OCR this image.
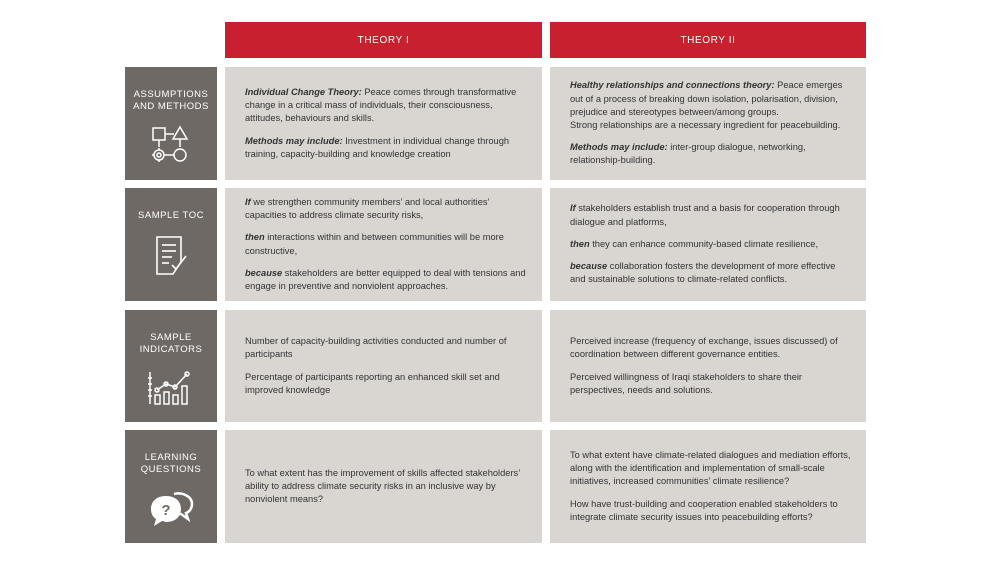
THEORY I	THEORY II
ASSUMPTIONS
AND METHODS

Individual Change Theory: Peace comes through transformative change in a critical mass of individuals, their consciousness, attitudes, behaviours and skills.

Methods may include: Investment in individual change through training, capacity-building and knowledge creation

Healthy relationships and connections theory: Peace emerges out of a process of breaking down isolation, polarisation, division, prejudice and stereotypes between/among groups.
Strong relationships are a necessary ingredient for peacebuilding.

Methods may include: inter-group dialogue, networking, relationship-building.

SAMPLE TOC

If we strengthen community members’ and local authorities’ capacities to address climate security risks,

then interactions within and between communities will be more constructive,

because stakeholders are better equipped to deal with tensions and engage in preventive and nonviolent approaches.

If stakeholders establish trust and a basis for cooperation through dialogue and platforms,

then they can enhance community-based climate resilience,

because collaboration fosters the development of more effective and sustainable solutions to climate-related conflicts.

SAMPLE
INDICATORS

Number of capacity-building activities conducted and number of participants

Percentage of participants reporting an enhanced skill set and improved knowledge

Perceived increase (frequency of exchange, issues discussed) of coordination between different governance entities.

Perceived willingness of Iraqi stakeholders to share their perspectives, needs and solutions.

LEARNING
QUESTIONS
?

To what extent has the improvement of skills affected stakeholders’ ability to address climate security risks in an inclusive way by nonviolent means?

To what extent have climate-related dialogues and mediation efforts, along with the identification and implementation of small-scale initiatives, increased communities’ climate resilience?

How have trust-building and cooperation enabled stakeholders to integrate climate security issues into peacebuilding efforts?
